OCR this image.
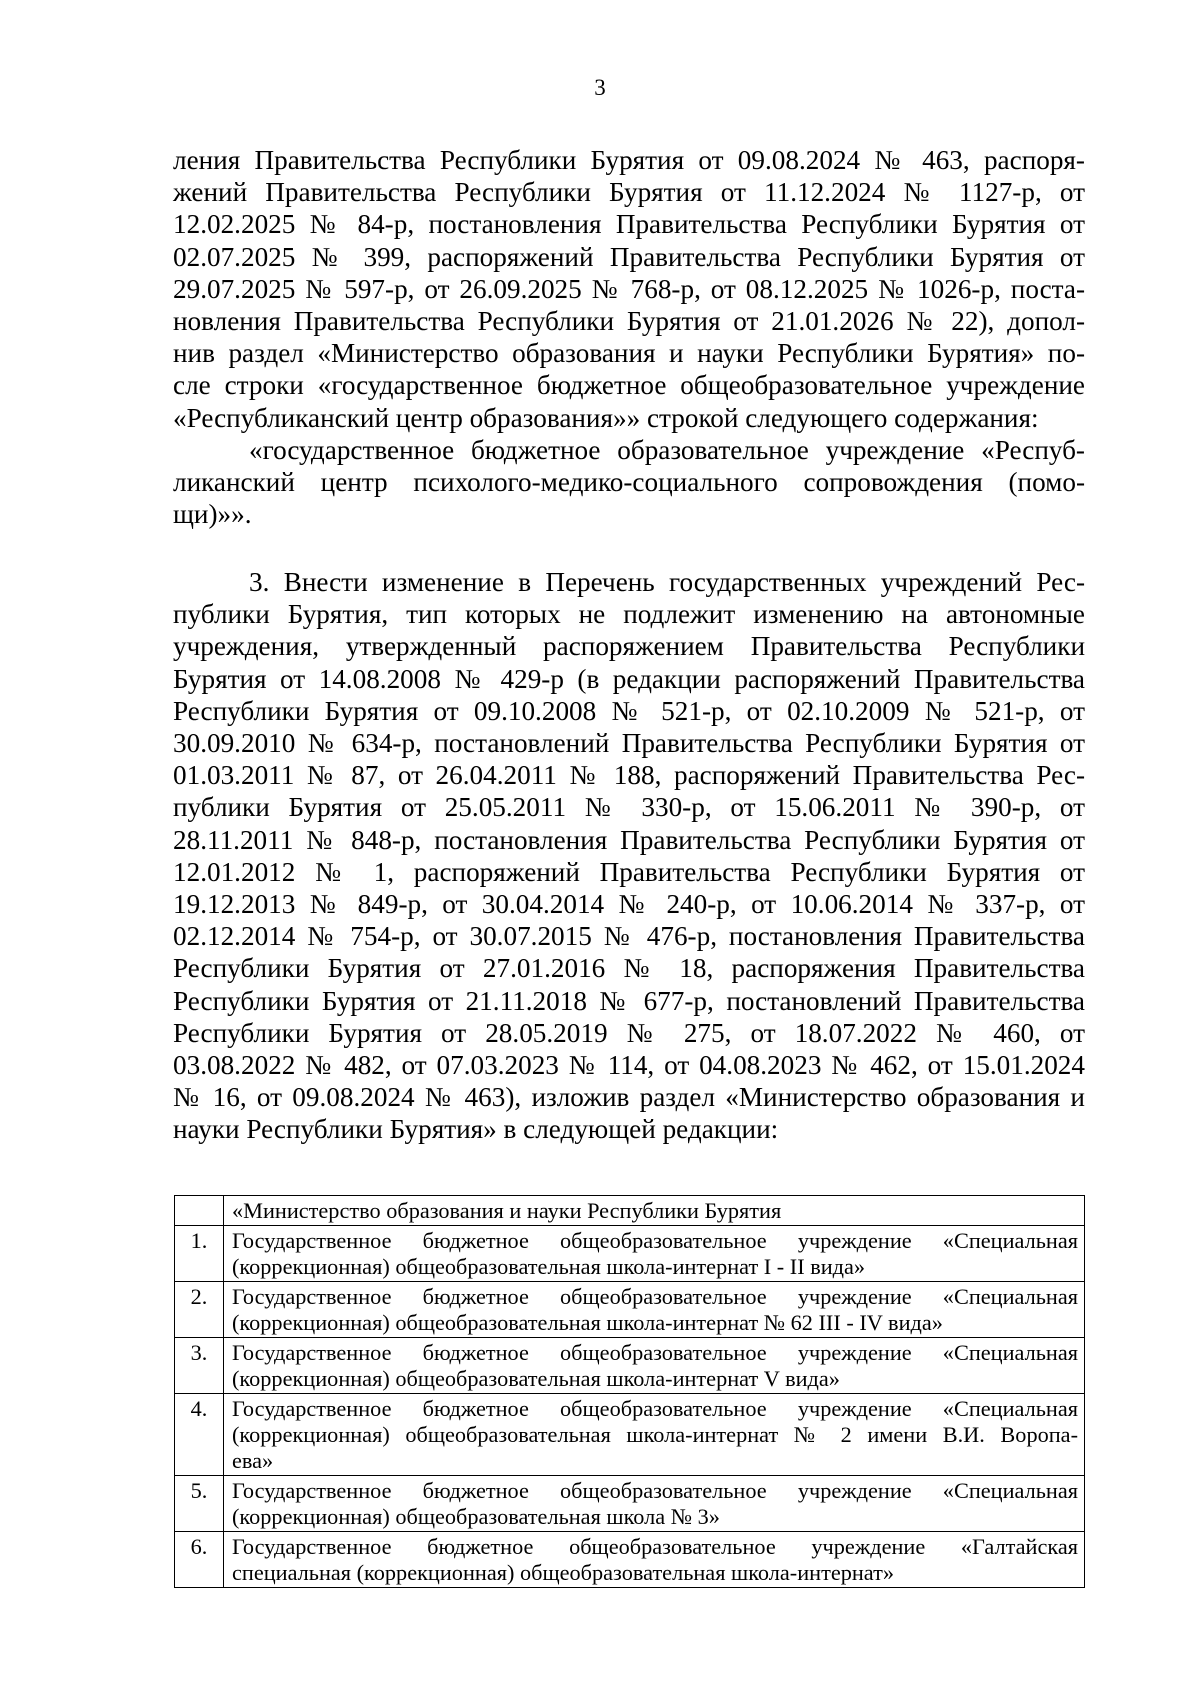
3
ления Правительства Республики Бурятия от 09.08.2024 № 463, распоря-
жений Правительства Республики Бурятия от 11.12.2024 № 1127-р, от
12.02.2025 № 84-р, постановления Правительства Республики Бурятия от
02.07.2025 № 399, распоряжений Правительства Республики Бурятия от
29.07.2025 № 597-р, от 26.09.2025 № 768-р, от 08.12.2025 № 1026-р, поста-
новления Правительства Республики Бурятия от 21.01.2026 № 22), допол-
нив раздел «Министерство образования и науки Республики Бурятия» по-
сле строки «государственное бюджетное общеобразовательное учреждение
«Республиканский центр образования»» строкой следующего содержания:
«государственное бюджетное образовательное учреждение «Респуб-
ликанский центр психолого-медико-социального сопровождения (помо-
щи)»».
3. Внести изменение в Перечень государственных учреждений Рес-
публики Бурятия, тип которых не подлежит изменению на автономные
учреждения, утвержденный распоряжением Правительства Республики
Бурятия от 14.08.2008 № 429-р (в редакции распоряжений Правительства
Республики Бурятия от 09.10.2008 № 521-р, от 02.10.2009 № 521-р, от
30.09.2010 № 634-р, постановлений Правительства Республики Бурятия от
01.03.2011 № 87, от 26.04.2011 № 188, распоряжений Правительства Рес-
публики Бурятия от 25.05.2011 № 330-р, от 15.06.2011 № 390-р, от
28.11.2011 № 848-р, постановления Правительства Республики Бурятия от
12.01.2012 № 1, распоряжений Правительства Республики Бурятия от
19.12.2013 № 849-р, от 30.04.2014 № 240-р, от 10.06.2014 № 337-р, от
02.12.2014 № 754-р, от 30.07.2015 № 476-р, постановления Правительства
Республики Бурятия от 27.01.2016 № 18, распоряжения Правительства
Республики Бурятия от 21.11.2018 № 677-р, постановлений Правительства
Республики Бурятия от 28.05.2019 № 275, от 18.07.2022 № 460, от
03.08.2022 № 482, от 07.03.2023 № 114, от 04.08.2023 № 462, от 15.01.2024
№ 16, от 09.08.2024 № 463), изложив раздел «Министерство образования и
науки Республики Бурятия» в следующей редакции:

	«Министерство образования и науки Республики Бурятия

1.	Государственное бюджетное общеобразовательное учреждение «Специальная
(коррекционная) общеобразовательная школа-интернат I - II вида»

2.	Государственное бюджетное общеобразовательное учреждение «Специальная
(коррекционная) общеобразовательная школа-интернат № 62 III - IV вида»

3.	Государственное бюджетное общеобразовательное учреждение «Специальная
(коррекционная) общеобразовательная школа-интернат V вида»

4.	Государственное бюджетное общеобразовательное учреждение «Специальная
(коррекционная) общеобразовательная школа-интернат № 2 имени В.И. Воропа-
ева»

5.	Государственное бюджетное общеобразовательное учреждение «Специальная
(коррекционная) общеобразовательная школа № 3»

6.	Государственное бюджетное общеобразовательное учреждение «Галтайская
специальная (коррекционная) общеобразовательная школа-интернат»
